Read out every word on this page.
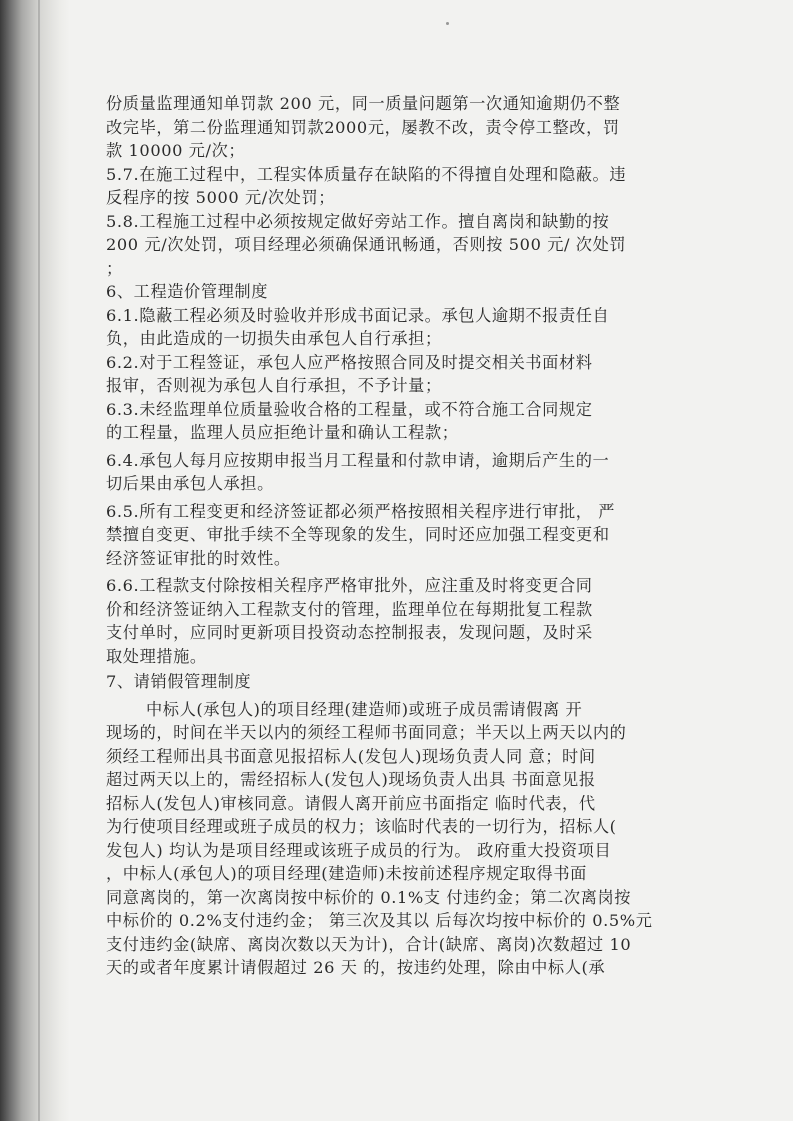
份质量监理通知单罚款 200 元，同一质量问题第一次通知逾期仍不整
改完毕，第二份监理通知罚款2000元，屡教不改，责令停工整改，罚
款 10000 元/次；
5.7.在施工过程中，工程实体质量存在缺陷的不得擅自处理和隐蔽。违
反程序的按 5000 元/次处罚；
5.8.工程施工过程中必须按规定做好旁站工作。擅自离岗和缺勤的按
200 元/次处罚，项目经理必须确保通讯畅通，否则按 500 元/ 次处罚
；
6、工程造价管理制度
6.1.隐蔽工程必须及时验收并形成书面记录。承包人逾期不报责任自
负，由此造成的一切损失由承包人自行承担；
6.2.对于工程签证，承包人应严格按照合同及时提交相关书面材料
报审，否则视为承包人自行承担，不予计量；
6.3.未经监理单位质量验收合格的工程量，或不符合施工合同规定
的工程量，监理人员应拒绝计量和确认工程款；
6.4.承包人每月应按期申报当月工程量和付款申请，逾期后产生的一
切后果由承包人承担。
6.5.所有工程变更和经济签证都必须严格按照相关程序进行审批， 严
禁擅自变更、审批手续不全等现象的发生，同时还应加强工程变更和
经济签证审批的时效性。
6.6.工程款支付除按相关程序严格审批外，应注重及时将变更合同
价和经济签证纳入工程款支付的管理，监理单位在每期批复工程款
支付单时，应同时更新项目投资动态控制报表，发现问题，及时采
取处理措施。
7、请销假管理制度
中标人(承包人)的项目经理(建造师)或班子成员需请假离 开
现场的，时间在半天以内的须经工程师书面同意；半天以上两天以内的
须经工程师出具书面意见报招标人(发包人)现场负责人同 意；时间
超过两天以上的，需经招标人(发包人)现场负责人出具 书面意见报
招标人(发包人)审核同意。请假人离开前应书面指定 临时代表，代
为行使项目经理或班子成员的权力；该临时代表的一切行为，招标人(
发包人) 均认为是项目经理或该班子成员的行为。 政府重大投资项目
，中标人(承包人)的项目经理(建造师)未按前述程序规定取得书面
同意离岗的，第一次离岗按中标价的 0.1%支 付违约金；第二次离岗按
中标价的 0.2%支付违约金； 第三次及其以 后每次均按中标价的 0.5%元
支付违约金(缺席、离岗次数以天为计)，合计(缺席、离岗)次数超过 10
天的或者年度累计请假超过 26 天 的，按违约处理，除由中标人(承
